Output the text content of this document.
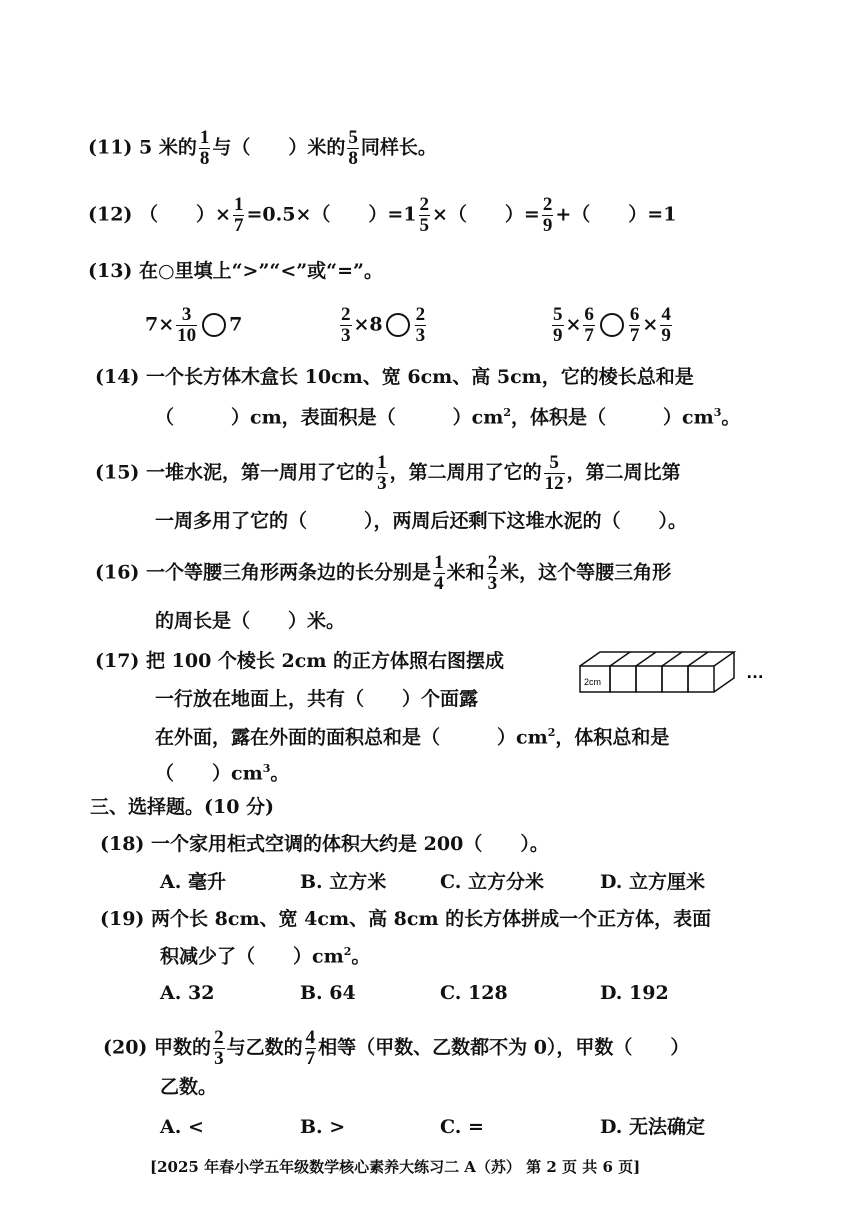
(11) 5 米的 $\frac{1}{8}$ 与（　　）米的 $\frac{5}{8}$ 同样长。
(12) （　　）× $\frac{1}{7} =0.5\times$（　　）$=1 \frac{2}{5}$ ×（　　）= $\frac{2}{9}$ +（　　）=1
(13) 在○里填上“>”“<”或“=”。
$7\times \frac{3}{10} 7$	$\frac{2}{3} \times 8 \frac{2}{3}$	$\frac{5}{9} \times \frac{6}{7} \frac{6}{7} \times \frac{4}{9}$
(14) 一个长方体木盒长 10cm、宽 6cm、高 5cm，它的棱长总和是
（　　　）cm，表面积是（　　　）$cm^2$，体积是（　　　）$cm^3$。
(15) 一堆水泥，第一周用了它的 $\frac{1}{3}$ ，第二周用了它的 $\frac{5}{12}$ ，第二周比第
一周多用了它的（　　　），两周后还剩下这堆水泥的（　　）。
(16) 一个等腰三角形两条边的长分别是 $\frac{1}{4}$ 米和 $\frac{2}{3}$ 米，这个等腰三角形
的周长是（　　）米。
(17) 把 100 个棱长 2cm 的正方体照右图摆成
一行放在地面上，共有（　　）个面露
在外面，露在外面的面积总和是（　　　）$cm^2$，体积总和是
（　　）$cm^3$。
2cm	…
三、选择题。(10 分)
(18) 一个家用柜式空调的体积大约是 200（　　）。
A. 毫升	B. 立方米	C. 立方分米	D. 立方厘米
(19) 两个长 8cm、宽 4cm、高 8cm 的长方体拼成一个正方体，表面
积减少了（　　）$cm^2$。
A. 32	B. 64	C. 128	D. 192
(20) 甲数的 $\frac{2}{3}$ 与乙数的 $\frac{4}{7}$ 相等（甲数、乙数都不为 0），甲数（　　）
乙数。
A. <	B. >	C. =	D. 无法确定
[2025 年春小学五年级数学核心素养大练习二 A（苏） 第 2 页 共 6 页]
